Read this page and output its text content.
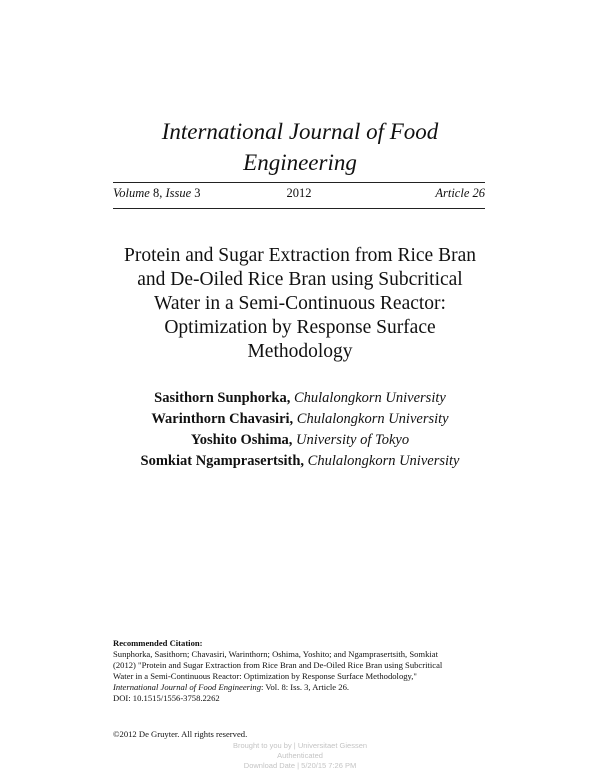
International Journal of Food
Engineering
Volume 8, Issue 3	2012	Article 26
Protein and Sugar Extraction from Rice Bran
and De-Oiled Rice Bran using Subcritical
Water in a Semi-Continuous Reactor:
Optimization by Response Surface
Methodology
Sasithorn Sunphorka, Chulalongkorn University
Warinthorn Chavasiri, Chulalongkorn University
Yoshito Oshima, University of Tokyo
Somkiat Ngamprasertsith, Chulalongkorn University
Recommended Citation:
Sunphorka, Sasithorn; Chavasiri, Warinthorn; Oshima, Yoshito; and Ngamprasertsith, Somkiat
(2012) "Protein and Sugar Extraction from Rice Bran and De-Oiled Rice Bran using Subcritical
Water in a Semi-Continuous Reactor: Optimization by Response Surface Methodology,"
International Journal of Food Engineering: Vol. 8: Iss. 3, Article 26.
DOI: 10.1515/1556-3758.2262
©2012 De Gruyter. All rights reserved.
Brought to you by | Universitaet Giessen
Authenticated
Download Date | 5/20/15 7:26 PM
